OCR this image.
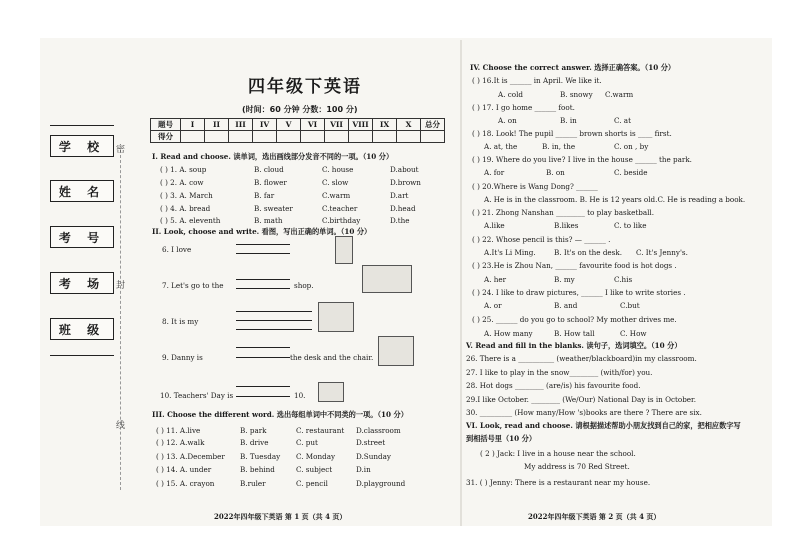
学 校
姓 名
考 号
考 场
班 级
密
封
线
四年级下英语
(时间：60 分钟 分数：100 分)
题号	I	II	III	IV	V	VI	VII	VIII	IX	X	总分
得分											
I. Read and choose. 读单词，选出画线部分发音不同的一项。（10 分）
( ) 1. A. soup	B. cloud	C. house	D.about
( ) 2. A. cow	B. flower	C. slow	D.brown
( ) 3. A. March	B. far	C.warm	D.art
( ) 4. A. bread	B. sweater	C.teacher	D.head
( ) 5. A. eleventh	B. math	C.birthday	D.the
II. Look, choose and write. 看图，写出正确的单词。（10 分）
6. I love
7. Let's go to the	shop.
8. It is my
9. Danny is	the desk and the chair.
10. Teachers' Day is	10.
III. Choose the different word. 选出每组单词中不同类的一项。（10 分）
( ) 11. A.live	B. park	C. restaurant D.classroom
( ) 12. A.walk	B. drive	C. put	D.street
( ) 13. A.December B. Tuesday C. Monday	D.Sunday
( ) 14. A. under	B. behind	C. subject	D.in
( ) 15. A. crayon	B.ruler	C. pencil	D.playground
IV. Choose the correct answer. 选择正确答案。（10 分）
( ) 16.It is ______ in April. We like it.
A. cold	B. snowy C.warm
( ) 17. I go home ______ foot.
A. on	B. in	C. at
( ) 18. Look! The pupil ______ brown shorts is ____ first.
A. at, the	B. in, the	C. on , by
( ) 19. Where do you live? I live in the house ______ the park.
A. for	B. on	C. beside
( ) 20.Where is Wang Dong? ______
A. He is in the classroom. B. He is 12 years old.C. He is reading a book.
( ) 21. Zhong Nanshan ________ to play basketball.
A.like	B.likes	C. to like
( ) 22. Whose pencil is this? — ______ .
A.It's Li Ming.	B. It's on the desk. C. It's Jenny's.
( ) 23.He is Zhou Nan, ______ favourite food is hot dogs .
A. her	B. my	C.his
( ) 24. I like to draw pictures, ______ I like to write stories .
A. or	B. and	C.but
( ) 25. ______ do you go to school? My mother drives me.
A. How many	B. How tall	C. How
V. Read and fill in the blanks. 读句子，选词填空。（10 分）
26. There is a __________ (weather/blackboard)in my classroom.
27. I like to play in the snow________ (with/for) you.
28. Hot dogs ________ (are/is) his favourite food.
29.I like October. ________ (We/Our) National Day is in October.
30. _________ (How many/How 's)books are there ? There are six.
VI. Look, read and choose. 请根据描述帮助小朋友找到自己的家，把相应数字写
到相括号里（10 分）
( 2 ) Jack: I live in a house near the school.
My address is 70 Red Street.
31. ( ) Jenny: There is a restaurant near my house.
2022年四年级下英语 第 1 页（共 4 页）	2022年四年级下英语 第 2 页（共 4 页）
